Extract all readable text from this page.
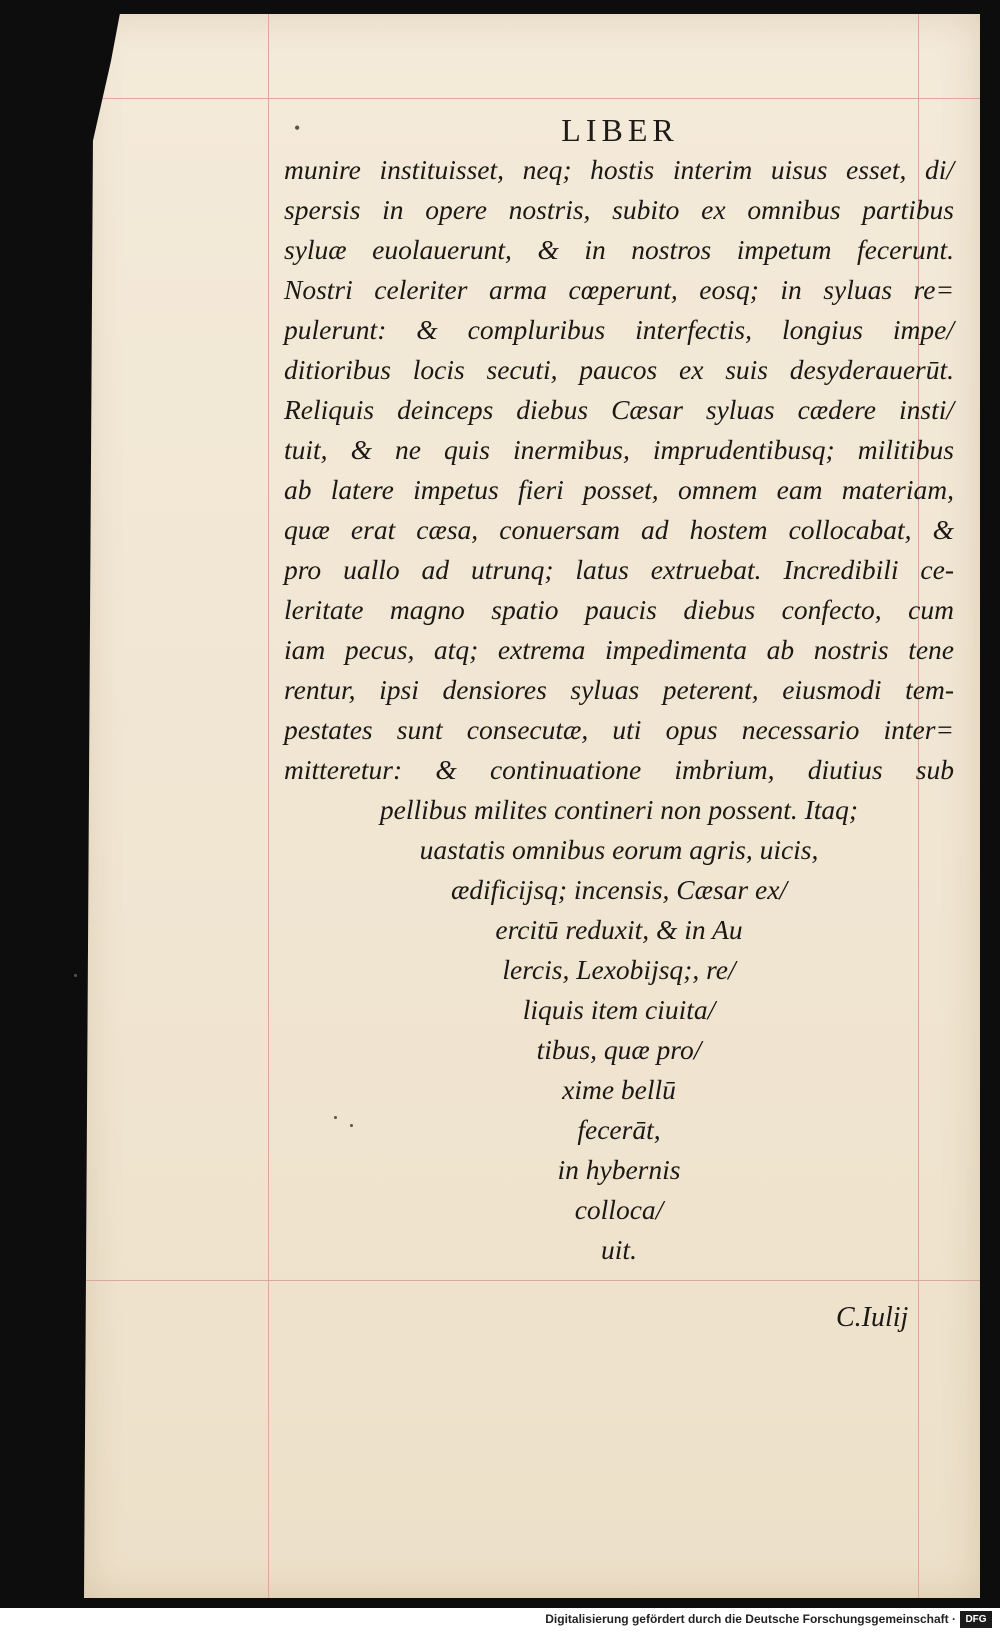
•	LIBER
munire instituisset, neq; hostis interim uisus esset, di/
spersis in opere nostris, subito ex omnibus partibus
syluæ euolauerunt, & in nostros impetum fecerunt.
Nostri celeriter arma cœperunt, eosq; in syluas re=
pulerunt: & compluribus interfectis, longius impe/
ditioribus locis secuti, paucos ex suis desyderauerūt.
Reliquis deinceps diebus Cæsar syluas cædere insti/
tuit, & ne quis inermibus, imprudentibusq; militibus
ab latere impetus fieri posset, omnem eam materiam,
quæ erat cæsa, conuersam ad hostem collocabat, &
pro uallo ad utrunq; latus extruebat. Incredibili ce-
leritate magno spatio paucis diebus confecto, cum
iam pecus, atq; extrema impedimenta ab nostris tene
rentur, ipsi densiores syluas peterent, eiusmodi tem-
pestates sunt consecutæ, uti opus necessario inter=
mitteretur: & continuatione imbrium, diutius sub
pellibus milites contineri non possent. Itaq;
uastatis omnibus eorum agris, uicis,
ædificijsq; incensis, Cæsar ex/
ercitū reduxit, & in Au
lercis, Lexobijsq;, re/
liquis item ciuita/
tibus, quæ pro/
xime bellū
fecerāt,
in hybernis
colloca/
uit.
C.Iulij
Digitalisierung gefördert durch die Deutsche Forschungsgemeinschaft · DFG
